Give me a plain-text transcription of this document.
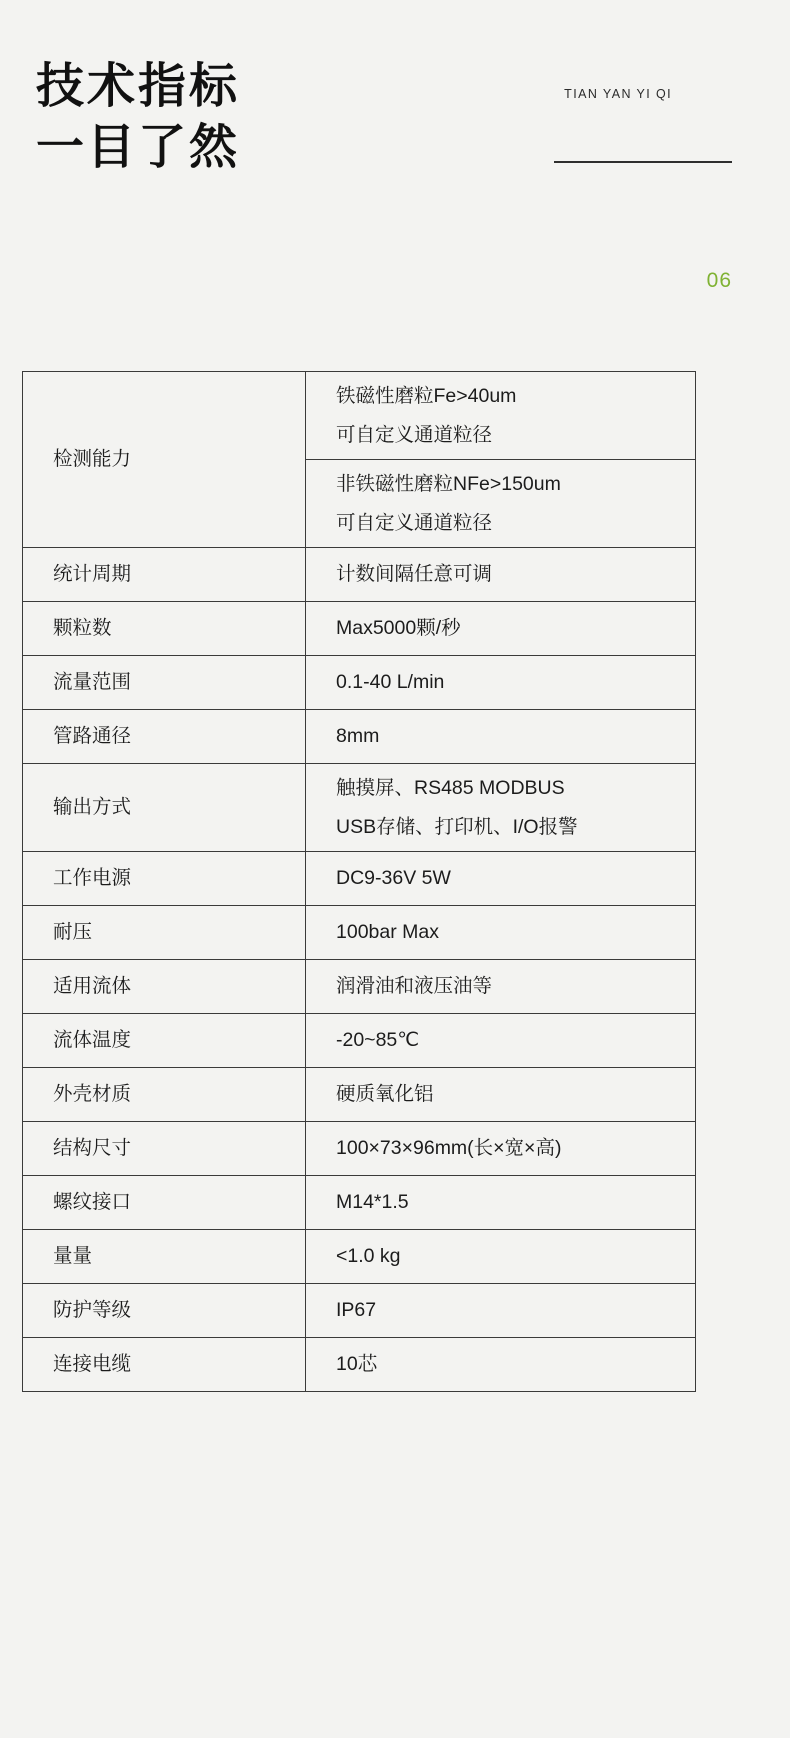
技术指标
一目了然
TIAN YAN YI QI
06
检测能力	铁磁性磨粒Fe>40um
可自定义通道粒径

	非铁磁性磨粒NFe>150um
可自定义通道粒径

统计周期	计数间隔任意可调
颗粒数	Max5000颗/秒
流量范围	0.1-40 L/min
管路通径	8mm
输出方式	触摸屏、RS485 MODBUS
USB存储、打印机、I/O报警

工作电源	DC9-36V 5W
耐压	100bar Max
适用流体	润滑油和液压油等
流体温度	-20~85℃
外壳材质	硬质氧化铝
结构尺寸	100×73×96mm(长×宽×高)
螺纹接口	M14*1.5
量量	<1.0 kg
防护等级	IP67
连接电缆	10芯
